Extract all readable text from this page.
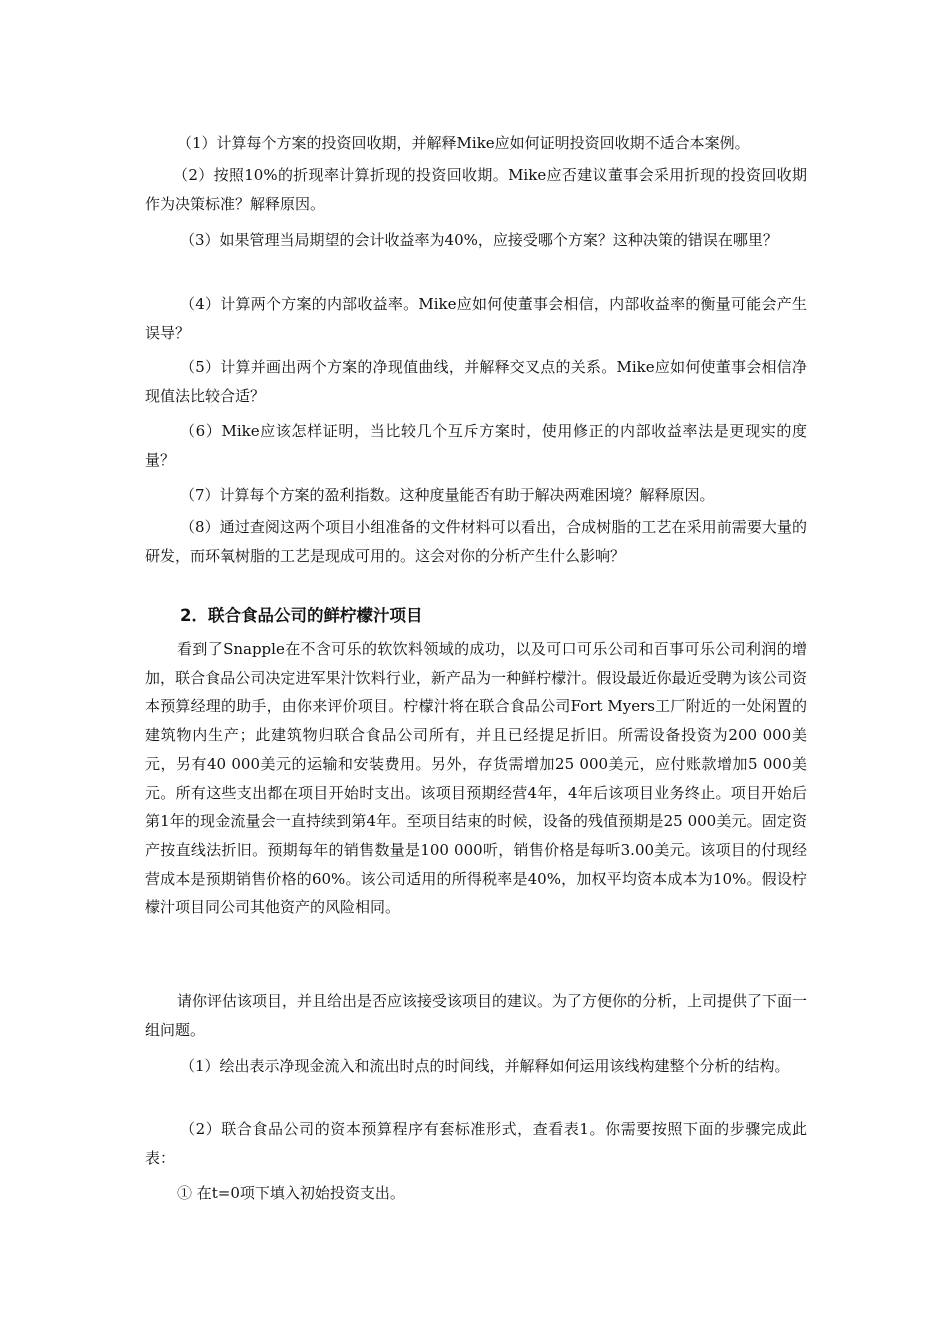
（1）计算每个方案的投资回收期，并解释Mike应如何证明投资回收期不适合本案例。

（2）按照10%的折现率计算折现的投资回收期。Mike应否建议董事会采用折现的投资回收期作为决策标准？解释原因。

（3）如果管理当局期望的会计收益率为40%，应接受哪个方案？这种决策的错误在哪里？

（4）计算两个方案的内部收益率。Mike应如何使董事会相信，内部收益率的衡量可能会产生误导？

（5）计算并画出两个方案的净现值曲线，并解释交叉点的关系。Mike应如何使董事会相信净现值法比较合适？

（6）Mike应该怎样证明，当比较几个互斥方案时，使用修正的内部收益率法是更现实的度量？

（7）计算每个方案的盈利指数。这种度量能否有助于解决两难困境？解释原因。

（8）通过查阅这两个项目小组准备的文件材料可以看出，合成树脂的工艺在采用前需要大量的研发，而环氧树脂的工艺是现成可用的。这会对你的分析产生什么影响？

2．联合食品公司的鲜柠檬汁项目

看到了Snapple在不含可乐的软饮料领域的成功，以及可口可乐公司和百事可乐公司利润的增加，联合食品公司决定进军果汁饮料行业，新产品为一种鲜柠檬汁。假设最近你最近受聘为该公司资本预算经理的助手，由你来评价项目。柠檬汁将在联合食品公司Fort Myers工厂附近的一处闲置的建筑物内生产；此建筑物归联合食品公司所有，并且已经提足折旧。所需设备投资为200 000美元，另有40 000美元的运输和安装费用。另外，存货需增加25 000美元，应付账款增加5 000美元。所有这些支出都在项目开始时支出。该项目预期经营4年，4年后该项目业务终止。项目开始后第1年的现金流量会一直持续到第4年。至项目结束的时候，设备的残值预期是25 000美元。固定资产按直线法折旧。预期每年的销售数量是100 000听，销售价格是每听3.00美元。该项目的付现经营成本是预期销售价格的60%。该公司适用的所得税率是40%，加权平均资本成本为10%。假设柠檬汁项目同公司其他资产的风险相同。

请你评估该项目，并且给出是否应该接受该项目的建议。为了方便你的分析，上司提供了下面一组问题。

（1）绘出表示净现金流入和流出时点的时间线，并解释如何运用该线构建整个分析的结构。

（2）联合食品公司的资本预算程序有套标准形式，查看表1。你需要按照下面的步骤完成此表：

① 在t=0项下填入初始投资支出。
